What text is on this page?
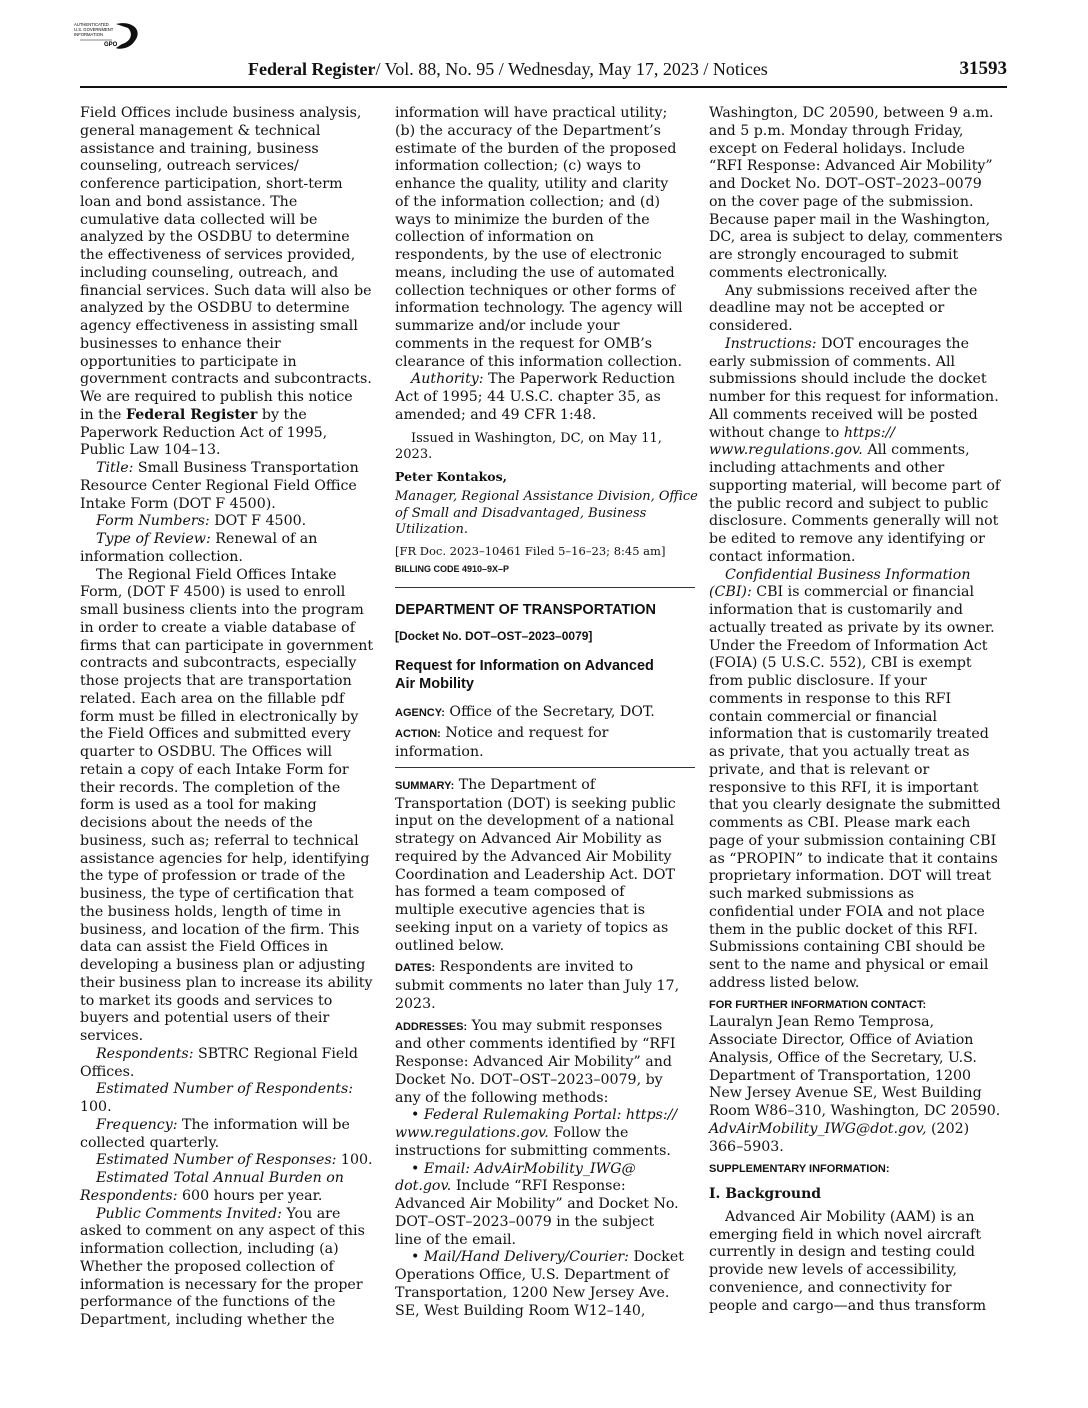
AUTHENTICATED
U.S. GOVERNMENT
INFORMATION
GPO
Federal Register/ Vol. 88, No. 95 / Wednesday, May 17, 2023 / Notices	31593
Field Offices include business analysis,
general management & technical
assistance and training, business
counseling, outreach services/
conference participation, short-term
loan and bond assistance. The
cumulative data collected will be
analyzed by the OSDBU to determine
the effectiveness of services provided,
including counseling, outreach, and
financial services. Such data will also be
analyzed by the OSDBU to determine
agency effectiveness in assisting small
businesses to enhance their
opportunities to participate in
government contracts and subcontracts.
We are required to publish this notice
in the Federal Register by the
Paperwork Reduction Act of 1995,
Public Law 104–13.
Title: Small Business Transportation
Resource Center Regional Field Office
Intake Form (DOT F 4500).
Form Numbers: DOT F 4500.
Type of Review: Renewal of an
information collection.
The Regional Field Offices Intake
Form, (DOT F 4500) is used to enroll
small business clients into the program
in order to create a viable database of
firms that can participate in government
contracts and subcontracts, especially
those projects that are transportation
related. Each area on the fillable pdf
form must be filled in electronically by
the Field Offices and submitted every
quarter to OSDBU. The Offices will
retain a copy of each Intake Form for
their records. The completion of the
form is used as a tool for making
decisions about the needs of the
business, such as; referral to technical
assistance agencies for help, identifying
the type of profession or trade of the
business, the type of certification that
the business holds, length of time in
business, and location of the firm. This
data can assist the Field Offices in
developing a business plan or adjusting
their business plan to increase its ability
to market its goods and services to
buyers and potential users of their
services.
Respondents: SBTRC Regional Field
Offices.
Estimated Number of Respondents:
100.
Frequency: The information will be
collected quarterly.
Estimated Number of Responses: 100.
Estimated Total Annual Burden on
Respondents: 600 hours per year.
Public Comments Invited: You are
asked to comment on any aspect of this
information collection, including (a)
Whether the proposed collection of
information is necessary for the proper
performance of the functions of the
Department, including whether the
information will have practical utility;
(b) the accuracy of the Department’s
estimate of the burden of the proposed
information collection; (c) ways to
enhance the quality, utility and clarity
of the information collection; and (d)
ways to minimize the burden of the
collection of information on
respondents, by the use of electronic
means, including the use of automated
collection techniques or other forms of
information technology. The agency will
summarize and/or include your
comments in the request for OMB’s
clearance of this information collection.
Authority: The Paperwork Reduction
Act of 1995; 44 U.S.C. chapter 35, as
amended; and 49 CFR 1:48.
Issued in Washington, DC, on May 11,
2023.
Peter Kontakos,
Manager, Regional Assistance Division, Office
of Small and Disadvantaged, Business
Utilization.
[FR Doc. 2023–10461 Filed 5–16–23; 8:45 am]
BILLING CODE 4910–9X–P
DEPARTMENT OF TRANSPORTATION
[Docket No. DOT–OST–2023–0079]
Request for Information on Advanced
Air Mobility
AGENCY: Office of the Secretary, DOT.
ACTION: Notice and request for
information.
SUMMARY: The Department of
Transportation (DOT) is seeking public
input on the development of a national
strategy on Advanced Air Mobility as
required by the Advanced Air Mobility
Coordination and Leadership Act. DOT
has formed a team composed of
multiple executive agencies that is
seeking input on a variety of topics as
outlined below.
DATES: Respondents are invited to
submit comments no later than July 17,
2023.
ADDRESSES: You may submit responses
and other comments identified by “RFI
Response: Advanced Air Mobility” and
Docket No. DOT–OST–2023–0079, by
any of the following methods:
• Federal Rulemaking Portal: https://
www.regulations.gov. Follow the
instructions for submitting comments.
• Email: AdvAirMobility_IWG@
dot.gov. Include “RFI Response:
Advanced Air Mobility” and Docket No.
DOT–OST–2023–0079 in the subject
line of the email.
• Mail/Hand Delivery/Courier: Docket
Operations Office, U.S. Department of
Transportation, 1200 New Jersey Ave.
SE, West Building Room W12–140,
Washington, DC 20590, between 9 a.m.
and 5 p.m. Monday through Friday,
except on Federal holidays. Include
“RFI Response: Advanced Air Mobility”
and Docket No. DOT–OST–2023–0079
on the cover page of the submission.
Because paper mail in the Washington,
DC, area is subject to delay, commenters
are strongly encouraged to submit
comments electronically.
Any submissions received after the
deadline may not be accepted or
considered.
Instructions: DOT encourages the
early submission of comments. All
submissions should include the docket
number for this request for information.
All comments received will be posted
without change to https://
www.regulations.gov. All comments,
including attachments and other
supporting material, will become part of
the public record and subject to public
disclosure. Comments generally will not
be edited to remove any identifying or
contact information.
Confidential Business Information
(CBI): CBI is commercial or financial
information that is customarily and
actually treated as private by its owner.
Under the Freedom of Information Act
(FOIA) (5 U.S.C. 552), CBI is exempt
from public disclosure. If your
comments in response to this RFI
contain commercial or financial
information that is customarily treated
as private, that you actually treat as
private, and that is relevant or
responsive to this RFI, it is important
that you clearly designate the submitted
comments as CBI. Please mark each
page of your submission containing CBI
as “PROPIN” to indicate that it contains
proprietary information. DOT will treat
such marked submissions as
confidential under FOIA and not place
them in the public docket of this RFI.
Submissions containing CBI should be
sent to the name and physical or email
address listed below.
FOR FURTHER INFORMATION CONTACT:
Lauralyn Jean Remo Temprosa,
Associate Director, Office of Aviation
Analysis, Office of the Secretary, U.S.
Department of Transportation, 1200
New Jersey Avenue SE, West Building
Room W86–310, Washington, DC 20590.
AdvAirMobility_IWG@dot.gov, (202)
366–5903.
SUPPLEMENTARY INFORMATION:
I. Background
Advanced Air Mobility (AAM) is an
emerging field in which novel aircraft
currently in design and testing could
provide new levels of accessibility,
convenience, and connectivity for
people and cargo—and thus transform
